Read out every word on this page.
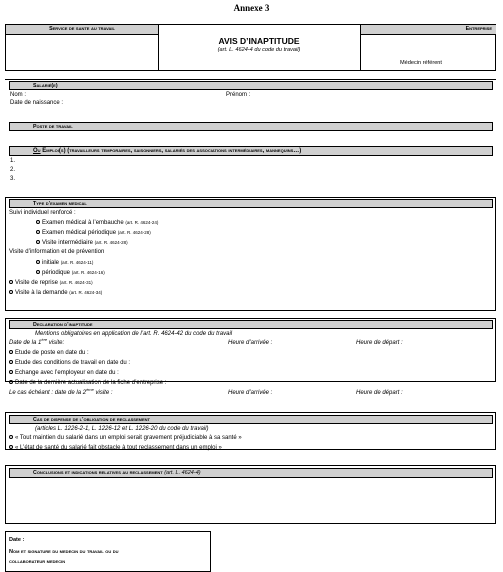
Annexe 3
Service de sante au travail
AVIS D’INAPTITUDE
(art. L. 4624-4 du code du travail)
Entreprise
Médecin référent
Salarié(e)
Nom :	Prénom :
Date de naissance :
Poste de travail
Ou Emploi(s) (travailleurs temporaires, saisonniers, salariés des associations intermédiaires, mannequins…)
1.
2.
3.
Type d’examen medical
Suivi individuel renforcé :
Examen médical à l’embauche (art. R. 4624-24)
Examen médical périodique (art. R. 4624-28)
Visite intermédiaire (art. R. 4624-28)
Visite d’information et de prévention
initiale (art. R. 4624-11)
périodique (art. R. 4624-16)
Visite de reprise (art. R. 4624-31)
Visite à la demande (art. R. 4624-34)
Declaration d’inaptitude
Mentions obligatoires en application de l’art. R. 4624-42 du code du travail
Date de la 1ère visite:	Heure d’arrivée :	Heure de départ :
Etude de poste en date du :
Etude des conditions de travail en date du :
Echange avec l’employeur en date du :
Date de la dernière actualisation de la fiche d’entreprise :
Le cas échéant : date de la 2ème visite :	Heure d’arrivée :	Heure de départ :
Cas de dispense de l’obligation de reclassement
(articles L. 1226-2-1, L. 1226-12 et L. 1226-20 du code du travail)
« Tout maintien du salarié dans un emploi serait gravement préjudiciable à sa santé »
« L’état de santé du salarié fait obstacle à tout reclassement dans un emploi »
Conclusions et indications relatives au reclassement (art. L. 4624-4)
Date :
Nom et signature du medecin du travail ou du
collaborateur medecin
